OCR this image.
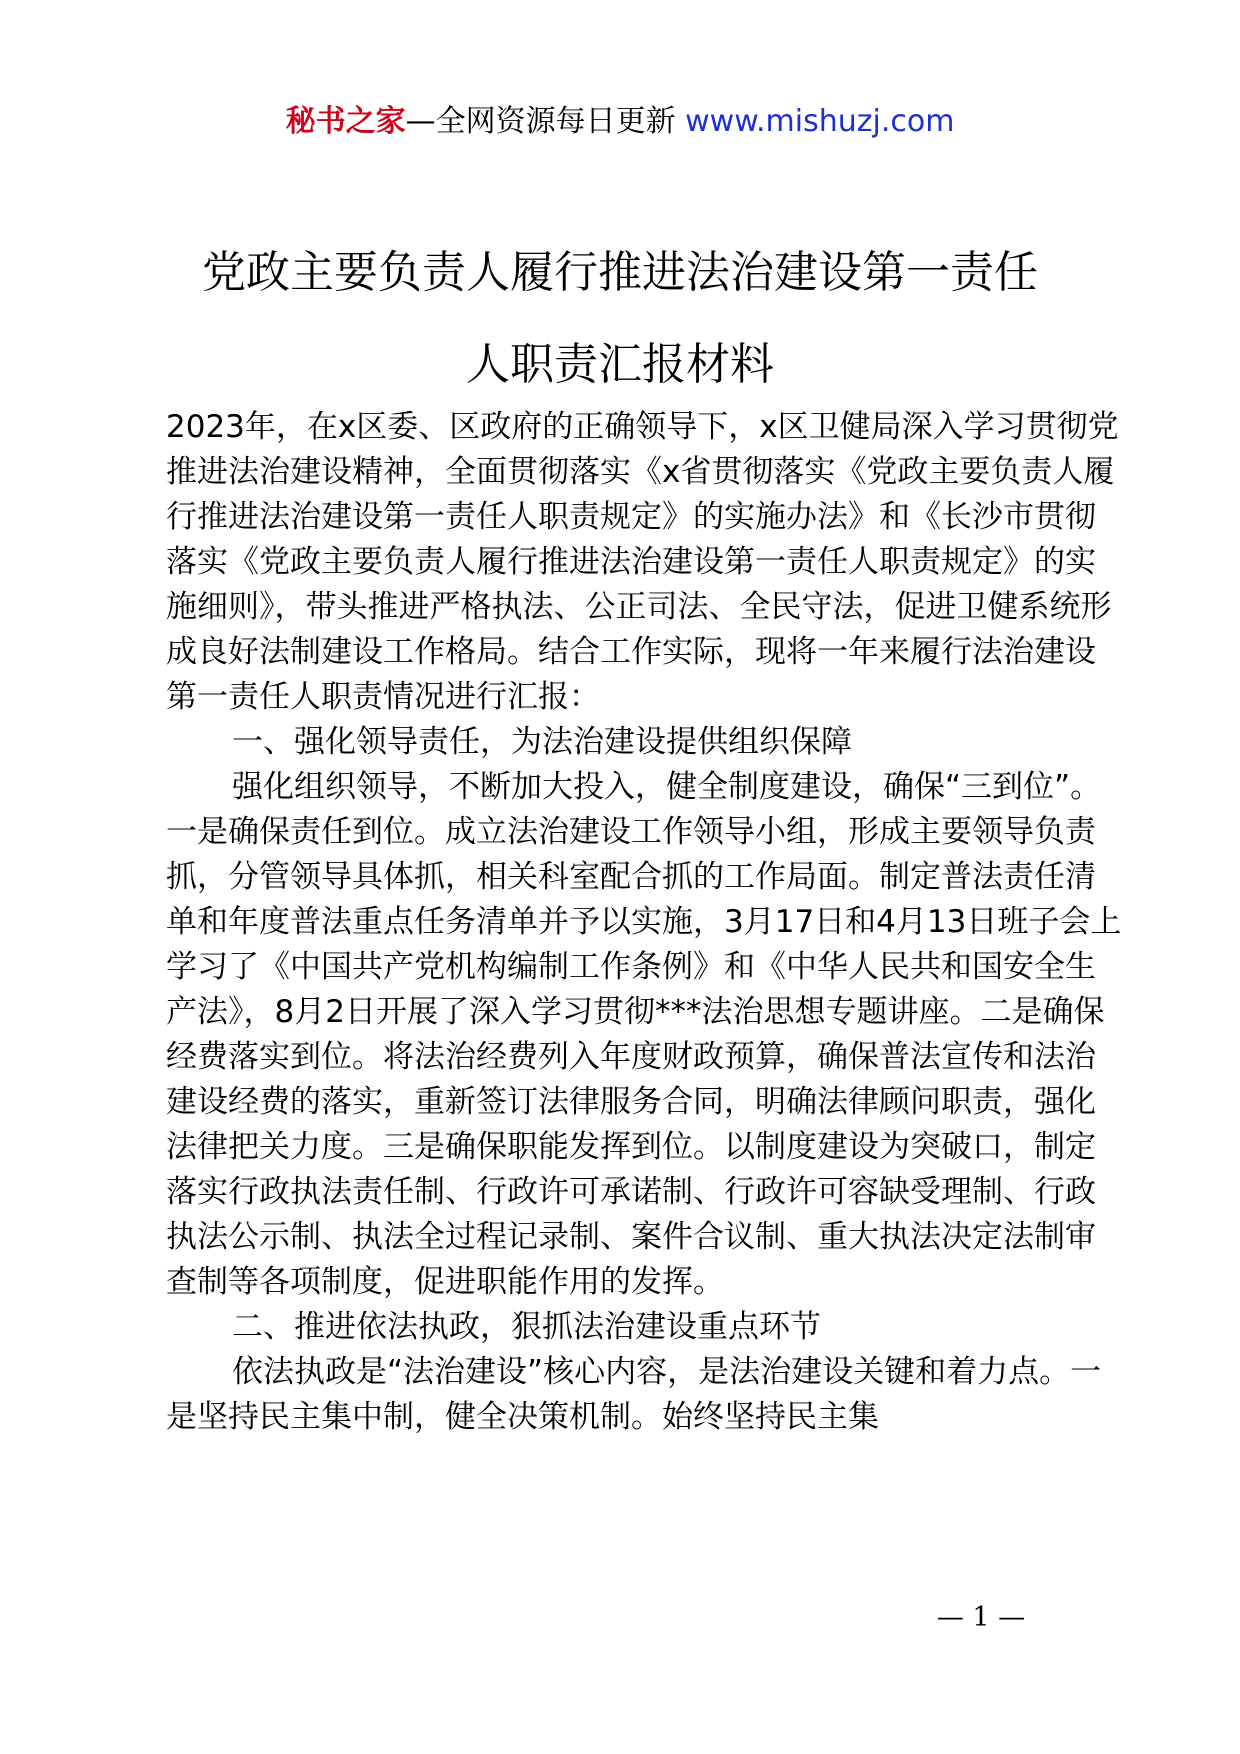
秘书之家—全网资源每日更新 www.mishuzj.com
党政主要负责人履行推进法治建设第一责任
人职责汇报材料

2023年，在x区委、区政府的正确领导下，x区卫健局深入学习贯彻党推进法治建设精神，全面贯彻落实《x省贯彻落实《党政主要负责人履行推进法治建设第一责任人职责规定》的实施办法》和《长沙市贯彻落实《党政主要负责人履行推进法治建设第一责任人职责规定》的实施细则》，带头推进严格执法、公正司法、全民守法，促进卫健系统形成良好法制建设工作格局。结合工作实际，现将一年来履行法治建设第一责任人职责情况进行汇报：

一、强化领导责任，为法治建设提供组织保障

强化组织领导，不断加大投入，健全制度建设，确保“三到位”。一是确保责任到位。成立法治建设工作领导小组，形成主要领导负责抓，分管领导具体抓，相关科室配合抓的工作局面。制定普法责任清单和年度普法重点任务清单并予以实施，3月17日和4月13日班子会上学习了《中国共产党机构编制工作条例》和《中华人民共和国安全生产法》，8月2日开展了深入学习贯彻***法治思想专题讲座。二是确保经费落实到位。将法治经费列入年度财政预算，确保普法宣传和法治建设经费的落实，重新签订法律服务合同，明确法律顾问职责，强化法律把关力度。三是确保职能发挥到位。以制度建设为突破口，制定落实行政执法责任制、行政许可承诺制、行政许可容缺受理制、行政执法公示制、执法全过程记录制、案件合议制、重大执法决定法制审查制等各项制度，促进职能作用的发挥。

二、推进依法执政，狠抓法治建设重点环节

依法执政是“法治建设”核心内容，是法治建设关键和着力点。一是坚持民主集中制，健全决策机制。始终坚持民主集

— 1 —
